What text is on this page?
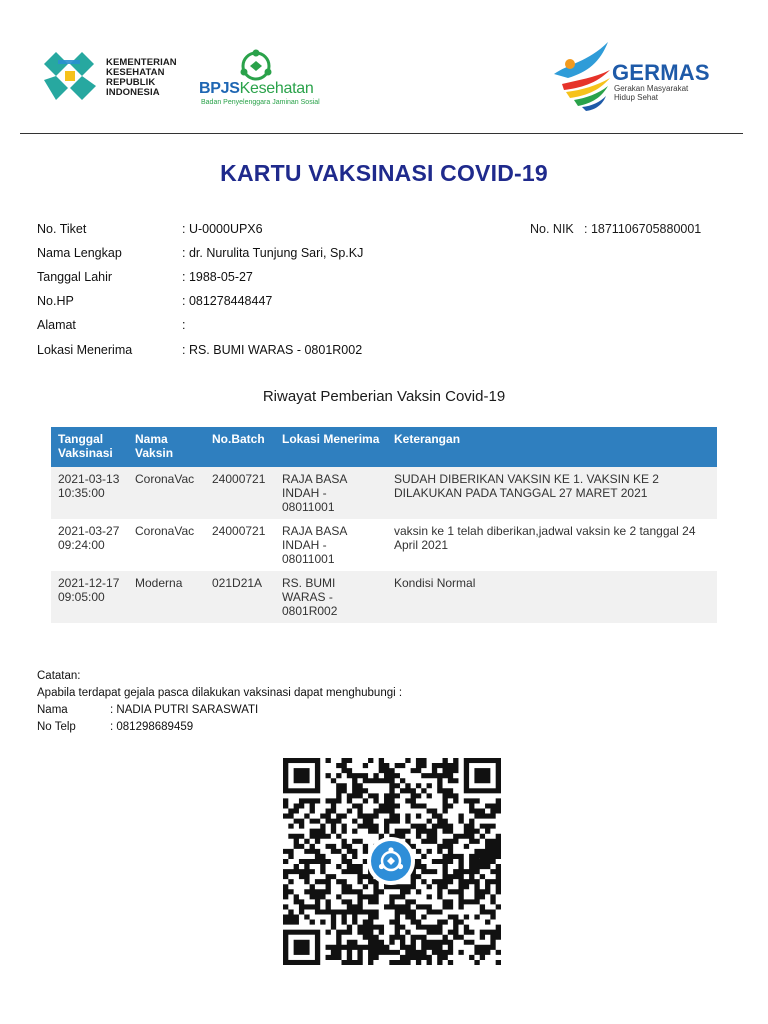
KEMENTERIAN
KESEHATAN
REPUBLIK
INDONESIA	BPJSKesehatan
Badan Penyelenggara Jaminan Sosial
GERMAS
Gerakan Masyarakat
Hidup Sehat
KARTU VAKSINASI COVID-19
No. Tiket	: U-0000UPX6	No. NIK : 1871106705880001
Nama Lengkap	: dr. Nurulita Tunjung Sari, Sp.KJ
Tanggal Lahir	: 1988-05-27
No.HP	: 081278448447
Alamat	:
Lokasi Menerima	: RS. BUMI WARAS - 0801R002
Riwayat Pemberian Vaksin Covid-19
Tanggal Vaksinasi	Nama Vaksin	No.Batch	Lokasi Menerima	Keterangan
2021-03-13 10:35:00	CoronaVac	24000721	RAJA BASA INDAH - 08011001	SUDAH DIBERIKAN VAKSIN KE 1. VAKSIN KE 2 DILAKUKAN PADA TANGGAL 27 MARET 2021
2021-03-27 09:24:00	CoronaVac	24000721	RAJA BASA INDAH - 08011001	vaksin ke 1 telah diberikan,jadwal vaksin ke 2 tanggal 24 April 2021
2021-12-17 09:05:00	Moderna	021D21A	RS. BUMI WARAS - 0801R002	Kondisi Normal
Catatan:
Apabila terdapat gejala pasca dilakukan vaksinasi dapat menghubungi :
Nama	: NADIA PUTRI SARASWATI
No Telp	: 081298689459
